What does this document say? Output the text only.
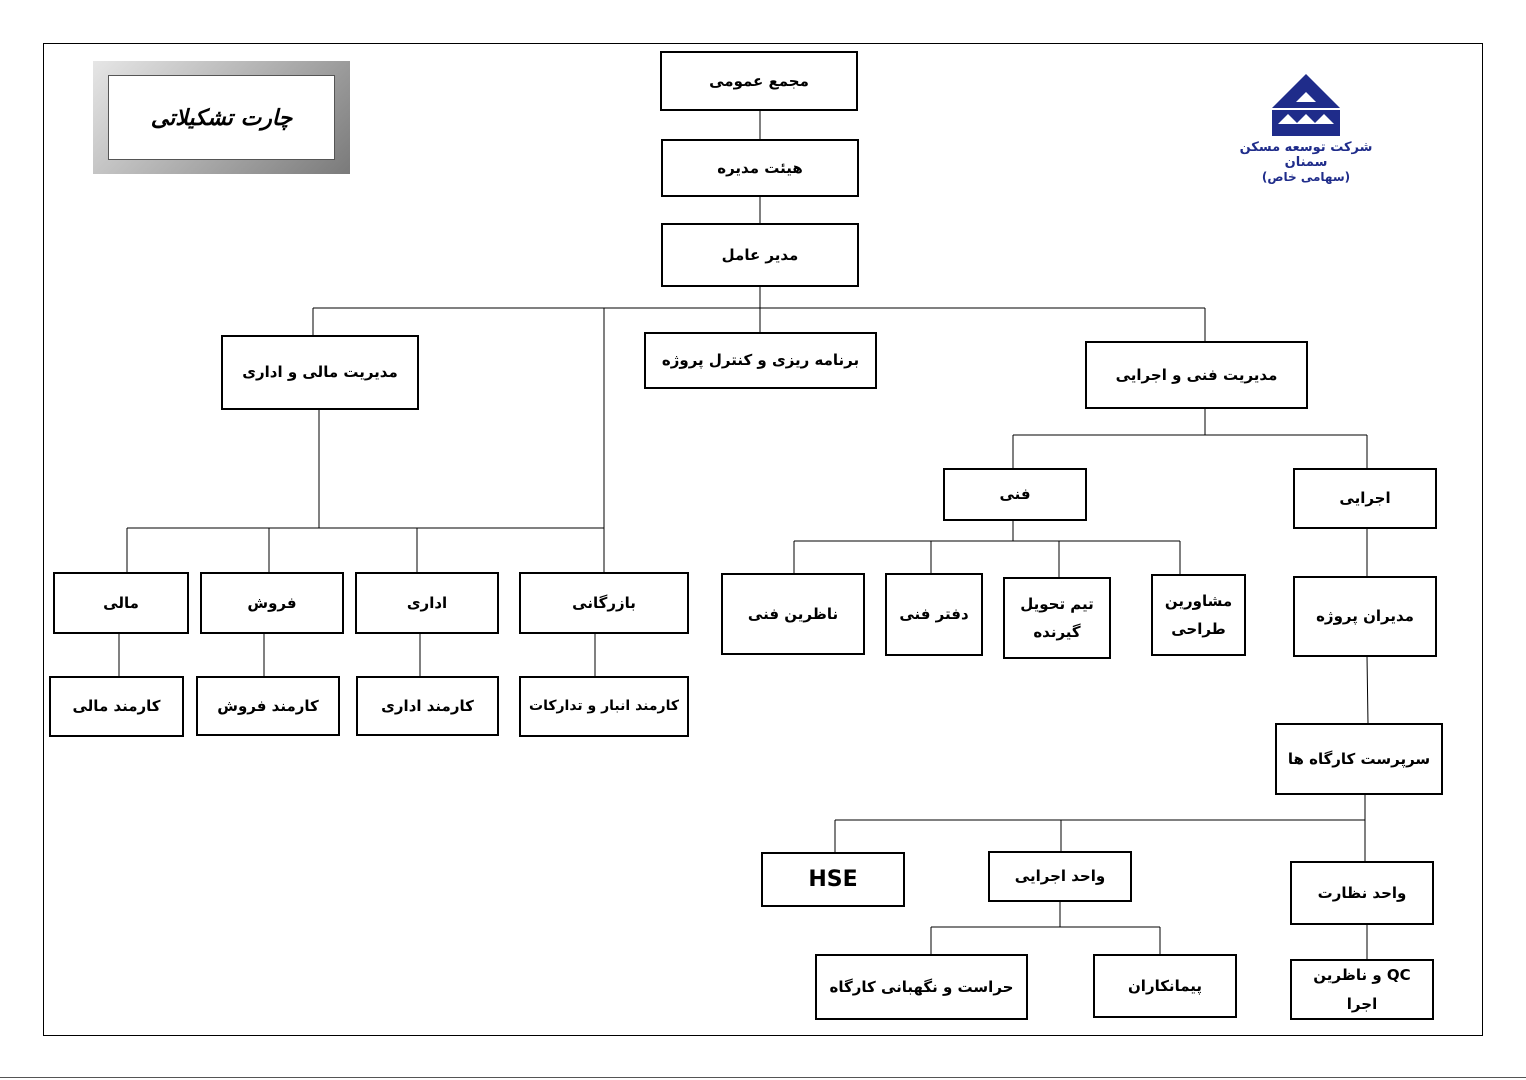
چارت تشکیلاتی
شرکت توسعه مسکن سمنان
(سهامی خاص)
مجمع عمومی
هیئت مدیره
مدیر عامل
مدیریت مالی و اداری
برنامه ریزی و کنترل پروژه
مدیریت فنی و اجرایی
مالی	فروش	اداری	بازرگانی
کارمند مالی	کارمند فروش	کارمند اداری	کارمند انبار و تدارکات
فنی	اجرایی
ناظرین فنی	دفتر فنی
تیم تحویل
گیرنده
مشاورین
طراحی
مدیران پروژه
سرپرست کارگاه ها
HSE	واحد اجرایی
واحد نظارت
حراست و نگهبانی کارگاه	پیمانکاران
QC و ناظرین اجرا
